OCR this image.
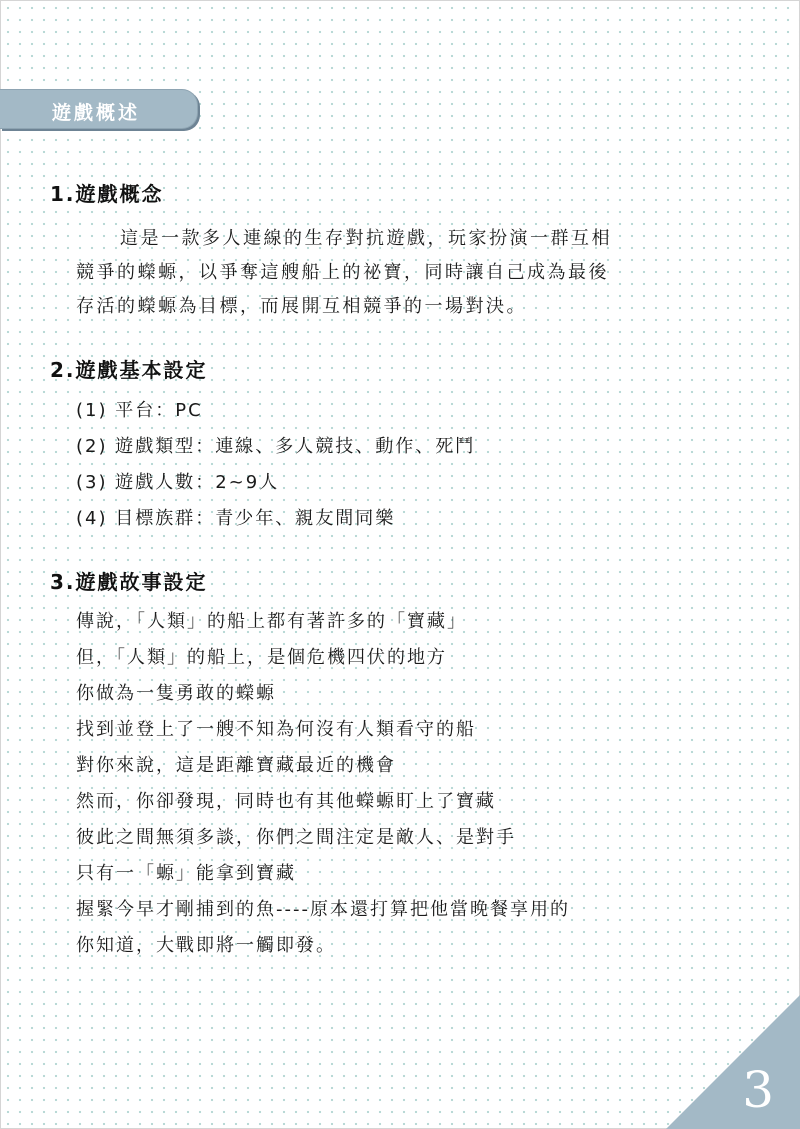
遊戲概述
1.遊戲概念
這是一款多人連線的生存對抗遊戲，玩家扮演一群互相
競爭的蠑螈，以爭奪這艘船上的祕寶，同時讓自己成為最後
存活的蠑螈為目標，而展開互相競爭的一場對決。
2.遊戲基本設定
(1) 平台：PC
(2) 遊戲類型：連線、多人競技、動作、死鬥
(3) 遊戲人數：2~9人
(4) 目標族群：青少年、親友間同樂
3.遊戲故事設定
傳說，「人類」的船上都有著許多的「寶藏」
但，「人類」的船上，是個危機四伏的地方
你做為一隻勇敢的蠑螈
找到並登上了一艘不知為何沒有人類看守的船
對你來說，這是距離寶藏最近的機會
然而，你卻發現，同時也有其他蠑螈盯上了寶藏
彼此之間無須多談，你們之間注定是敵人、是對手
只有一「螈」能拿到寶藏
握緊今早才剛捕到的魚----原本還打算把他當晚餐享用的
你知道，大戰即將一觸即發。
3
